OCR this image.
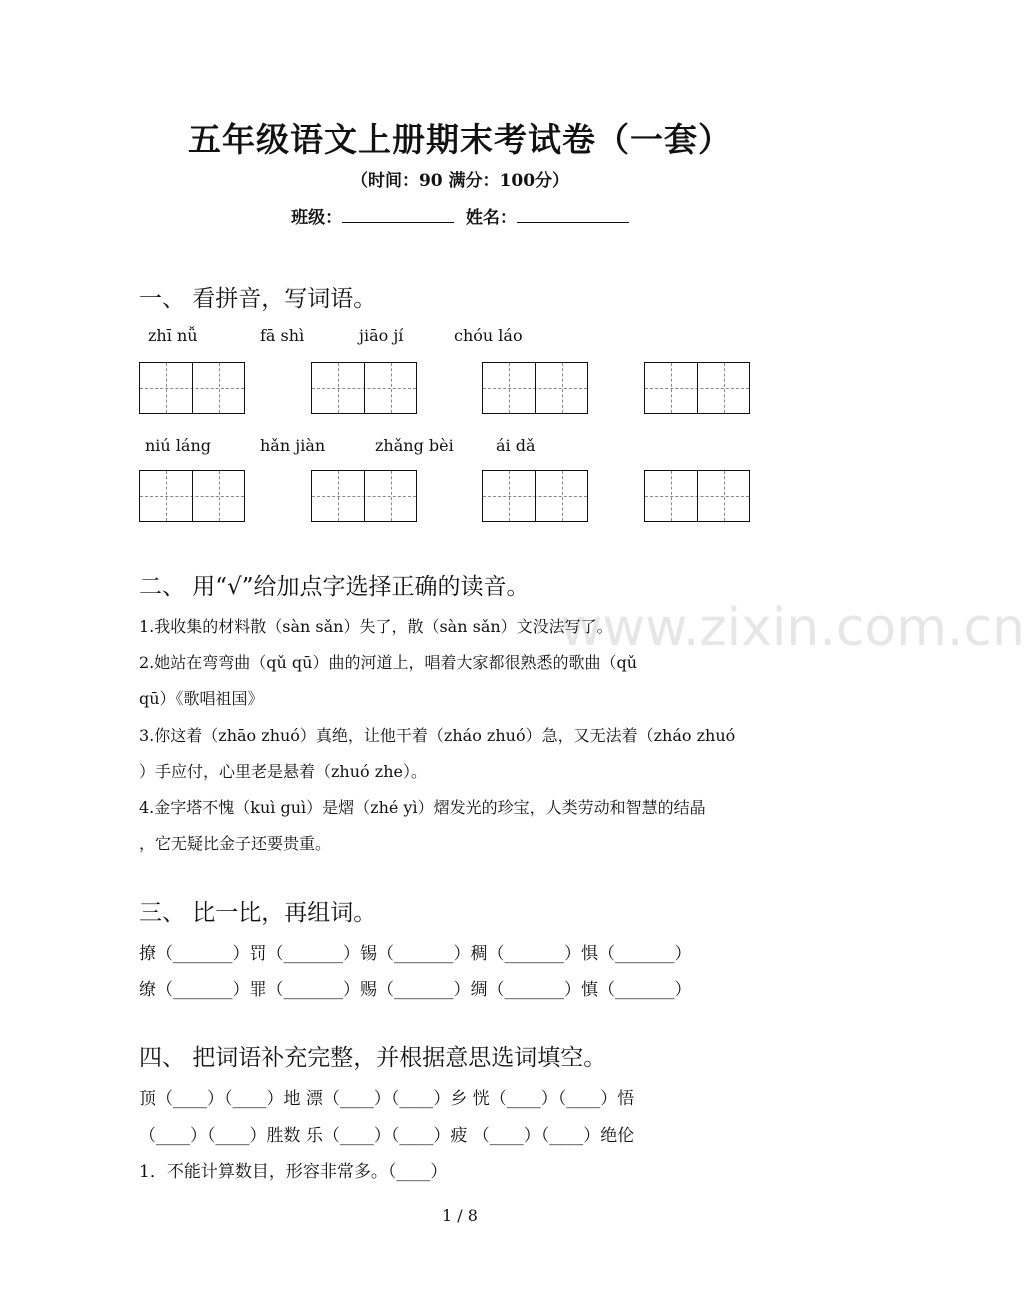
www.zixin.com.cn
五年级语文上册期末考试卷（一套）
（时间：90 满分：100分）
班级：	姓名：
一、 看拼音，写词语。
zhī nǚ	fā shì	jiāo jí	chóu láo
niú láng	hǎn jiàn	zhǎng bèi	ái dǎ
二、 用“√”给加点字选择正确的读音。
1.我收集的材料散（sàn sǎn）失了，散（sàn sǎn）文没法写了。
2.她站在弯弯曲（qǔ qū）曲的河道上，唱着大家都很熟悉的歌曲（qǔ
qū）《歌唱祖国》
3.你这着（zhāo zhuó）真绝，让他干着（zháo zhuó）急，又无法着（zháo zhuó
）手应付，心里老是悬着（zhuó zhe）。
4.金字塔不愧（kuì guì）是熠（zhé yì）熠发光的珍宝，人类劳动和智慧的结晶
，它无疑比金子还要贵重。
三、 比一比，再组词。
撩（_______）罚（_______）锡（_______）稠（_______）惧（_______）
缭（_______）罪（_______）赐（_______）绸（_______）慎（_______）
四、 把词语补充完整，并根据意思选词填空。
顶（____）（____）地 漂（____）（____）乡 恍（____）（____）悟
（____）（____）胜数 乐（____）（____）疲 （____）（____）绝伦
1．不能计算数目，形容非常多。（____）
1 / 8
